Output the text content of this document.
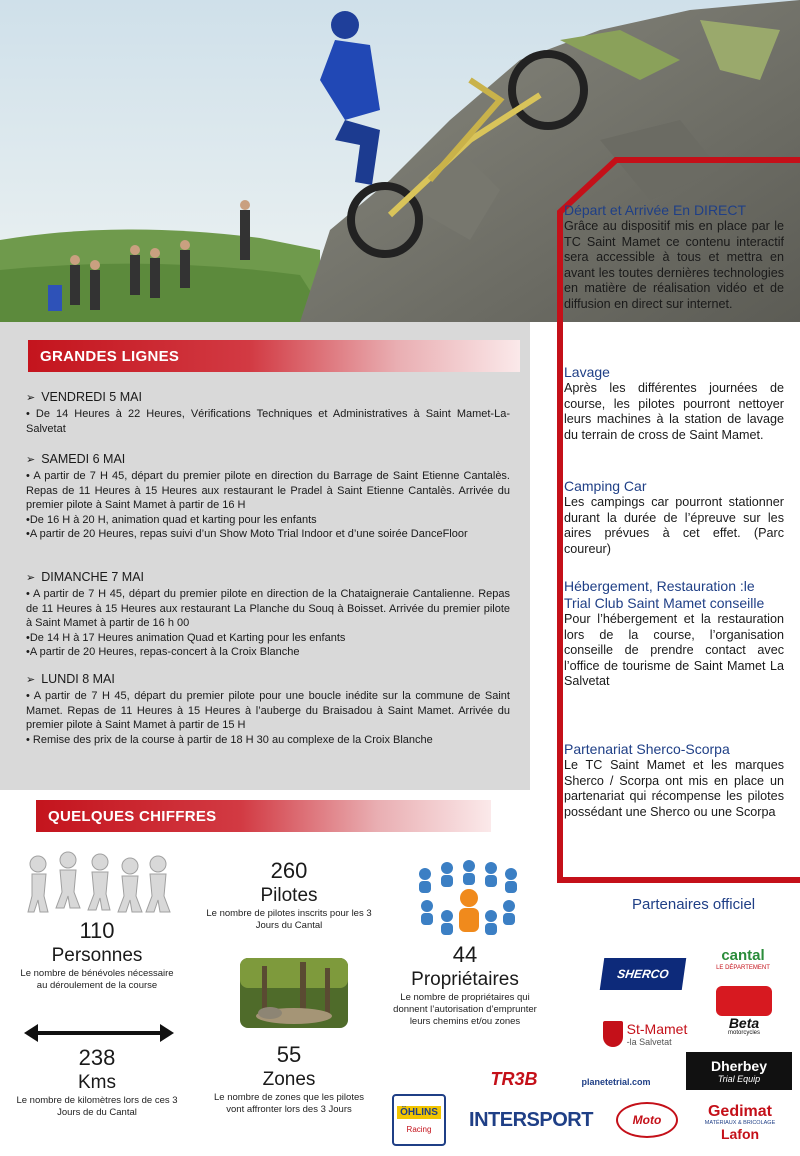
GRANDES LIGNES
➢ VENDREDI 5 MAI
• De 14 Heures à 22 Heures, Vérifications Techniques et Administratives à Saint Mamet-La-Salvetat
➢ SAMEDI 6 MAI
• A partir de 7 H 45, départ du premier pilote en direction du Barrage de Saint Etienne Cantalès. Repas de 11 Heures à 15 Heures aux restaurant le Pradel à Saint Etienne Cantalès. Arrivée du premier pilote à Saint Mamet à partir de 16 H
•De 16 H à 20 H, animation quad et karting pour les enfants
•A partir de 20 Heures, repas suivi d’un Show Moto Trial Indoor et d’une soirée DanceFloor
➢ DIMANCHE 7 MAI
• A partir de 7 H 45, départ du premier pilote en direction de la Chataigneraie Cantalienne. Repas de 11 Heures à 15 Heures aux restaurant La Planche du Souq à Boisset. Arrivée du premier pilote à Saint Mamet à partir de 16 h 00
•De 14 H à 17 Heures animation Quad et Karting pour les enfants
•A partir de 20 Heures, repas-concert à la Croix Blanche
➢ LUNDI 8 MAI
• A partir de 7 H 45, départ du premier pilote pour une boucle inédite sur la commune de Saint Mamet. Repas de 11 Heures à 15 Heures à l’auberge du Braisadou à Saint Mamet. Arrivée du premier pilote à Saint Mamet à partir de 15 H
• Remise des prix de la course à partir de 18 H 30 au complexe de la Croix Blanche
Départ et Arrivée En DIRECT
Grâce au dispositif mis en place par le TC Saint Mamet ce contenu interactif sera accessible à tous et mettra en avant les toutes dernières technologies en matière de réalisation vidéo et de diffusion en direct sur internet.
Lavage
Après les différentes journées de course, les pilotes pourront nettoyer leurs machines à la station de lavage du terrain de cross de Saint Mamet.
Camping Car
Les campings car pourront stationner durant la durée de l’épreuve sur les aires prévues à cet effet. (Parc coureur)
Hébergement, Restauration :le Trial Club Saint Mamet conseille
Pour l’hébergement et la restauration lors de la course, l’organisation conseille de prendre contact avec l’office de tourisme de Saint Mamet La Salvetat
Partenariat Sherco-Scorpa
Le TC Saint Mamet et les marques Sherco / Scorpa ont mis en place un partenariat qui récompense les pilotes possédant une Sherco ou une Scorpa
QUELQUES CHIFFRES
110
Personnes
Le nombre de bénévoles nécessaire au déroulement de la course
260
Pilotes
Le nombre de pilotes inscrits pour les 3 Jours du Cantal
55
Zones
Le nombre de zones que les pilotes vont affronter lors des 3 Jours
44
Propriétaires
Le nombre de propriétaires qui donnent l’autorisation d’emprunter leurs chemins et/ou zones
238
Kms
Le nombre de kilomètres lors de ces 3 Jours de du Cantal
Partenaires officiel
SHERCO
cantal
LE DÉPARTEMENT
Beta
motorcycles
St-Mamet
-la Salvetat
Dherbey
Trial Equip
TR3B	planetetrial.com
ÖHLINS
Racing INTERSPORT	Moto
Gedimat
MATÉRIAUX & BRICOLAGE
Lafon
